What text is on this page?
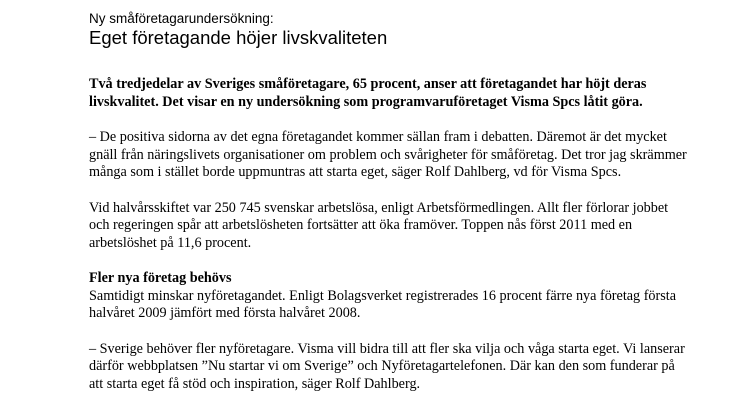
Ny småföretagarundersökning:

Eget företagande höjer livskvaliteten

Två tredjedelar av Sveriges småföretagare, 65 procent, anser att företagandet har höjt deras livskvalitet. Det visar en ny undersökning som programvaruföretaget Visma Spcs låtit göra.

– De positiva sidorna av det egna företagandet kommer sällan fram i debatten. Däremot är det mycket gnäll från näringslivets organisationer om problem och svårigheter för småföretag. Det tror jag skrämmer många som i stället borde uppmuntras att starta eget, säger Rolf Dahlberg, vd för Visma Spcs.

Vid halvårsskiftet var 250 745 svenskar arbetslösa, enligt Arbetsförmedlingen. Allt fler förlorar jobbet och regeringen spår att arbetslösheten fortsätter att öka framöver. Toppen nås först 2011 med en arbetslöshet på 11,6 procent.

Fler nya företag behövs

Samtidigt minskar nyföretagandet. Enligt Bolagsverket registrerades 16 procent färre nya företag första halvåret 2009 jämfört med första halvåret 2008.

– Sverige behöver fler nyföretagare. Visma vill bidra till att fler ska vilja och våga starta eget. Vi lanserar därför webbplatsen ”Nu startar vi om Sverige” och Nyföretagartelefonen. Där kan den som funderar på att starta eget få stöd och inspiration, säger Rolf Dahlberg.
